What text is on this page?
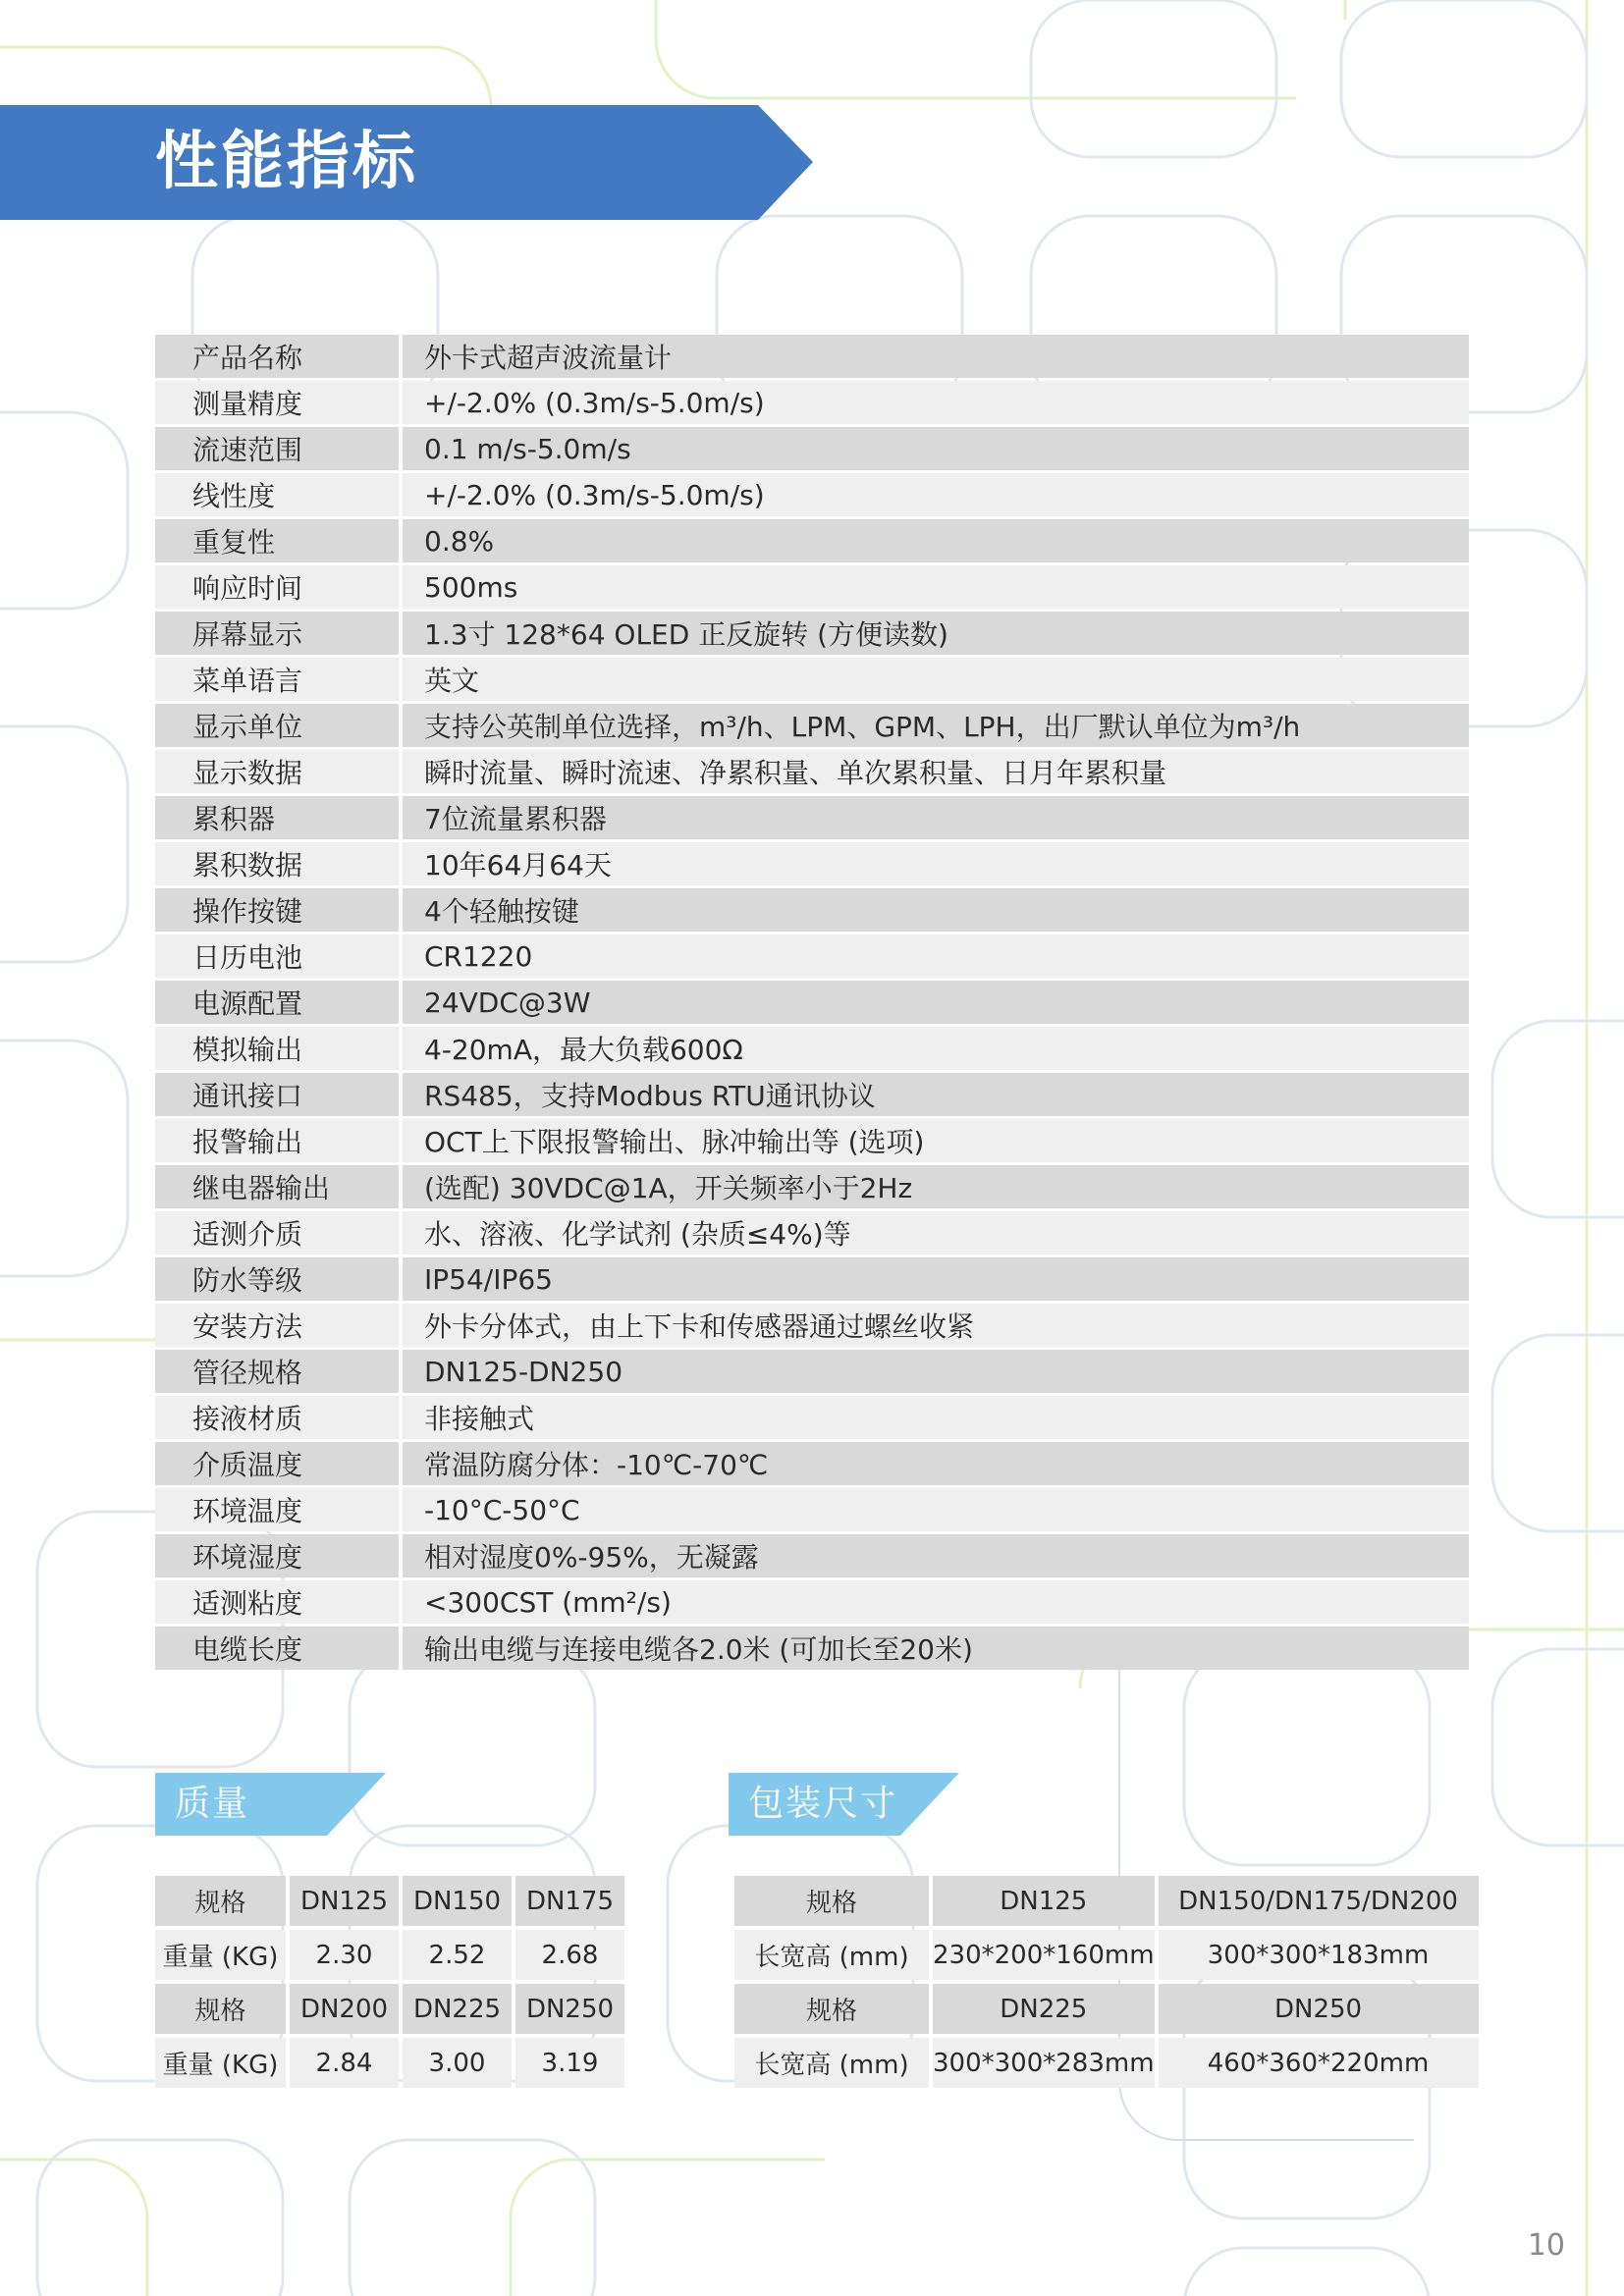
性能指标
产品名称		外卡式超声波流量计
测量精度		+/-2.0% (0.3m/s-5.0m/s)
流速范围		0.1 m/s-5.0m/s
线性度		+/-2.0% (0.3m/s-5.0m/s)
重复性		0.8%
响应时间		500ms
屏幕显示		1.3寸 128*64 OLED 正反旋转 (方便读数)
菜单语言		英文
显示单位		支持公英制单位选择，m³/h、LPM、GPM、LPH，出厂默认单位为m³/h
显示数据		瞬时流量、瞬时流速、净累积量、单次累积量、日月年累积量
累积器		7位流量累积器
累积数据		10年64月64天
操作按键		4个轻触按键
日历电池		CR1220
电源配置		24VDC@3W
模拟输出		4-20mA，最大负载600Ω
通讯接口		RS485，支持Modbus RTU通讯协议
报警输出		OCT上下限报警输出、脉冲输出等 (选项)
继电器输出		(选配) 30VDC@1A，开关频率小于2Hz
适测介质		水、溶液、化学试剂 (杂质≤4%)等
防水等级		IP54/IP65
安装方法		外卡分体式，由上下卡和传感器通过螺丝收紧
管径规格		DN125-DN250
接液材质		非接触式
介质温度		常温防腐分体：-10℃-70℃
环境温度		-10°C-50°C
环境湿度		相对湿度0%-95%，无凝露
适测粘度		<300CST (mm²/s)
电缆长度		输出电缆与连接电缆各2.0米 (可加长至20米)
质量
规格	DN125	DN150	DN175
重量 (KG)	2.30	2.52	2.68
规格	DN200	DN225	DN250
重量 (KG)	2.84	3.00	3.19
包装尺寸
规格	DN125	DN150/DN175/DN200
长宽高 (mm)	230*200*160mm	300*300*183mm
规格	DN225	DN250
长宽高 (mm)	300*300*283mm	460*360*220mm
10
